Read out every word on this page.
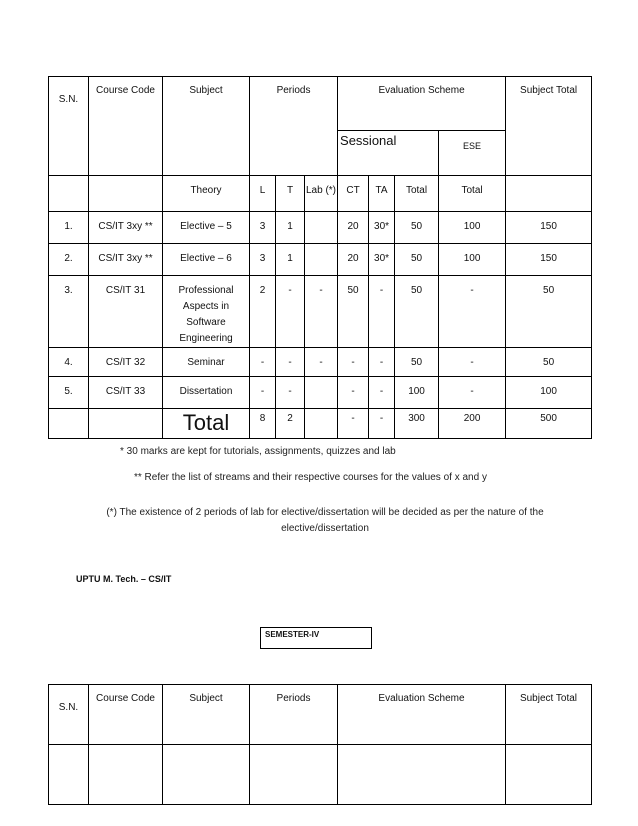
S.N.	Course Code	Subject	Periods			Evaluation Scheme				Subject Total
						Sessional			ESE	
		Theory	L	T	Lab (*)	CT	TA	Total	Total	
1.	CS/IT 3xy **	Elective – 5	3	1		20	30*	50	100	150
2.	CS/IT 3xy **	Elective – 6	3	1		20	30*	50	100	150
3.	CS/IT 31	Professional Aspects in Software Engineering	2	-	-	50	-	50	-	50
4.	CS/IT 32	Seminar	-	-	-	-	-	50	-	50
5.	CS/IT 33	Dissertation	-	-		-	-	100	-	100
		Total	8	2		-	-	300	200	500
* 30 marks are kept for tutorials, assignments, quizzes and lab
** Refer the list of streams and their respective courses for the values of x and y
(*) The existence of 2 periods of lab for elective/dissertation will be decided as per the nature of the elective/dissertation
UPTU M. Tech. – CS/IT
SEMESTER-IV
S.N.	Course Code	Subject	Periods	Evaluation Scheme	Subject Total
